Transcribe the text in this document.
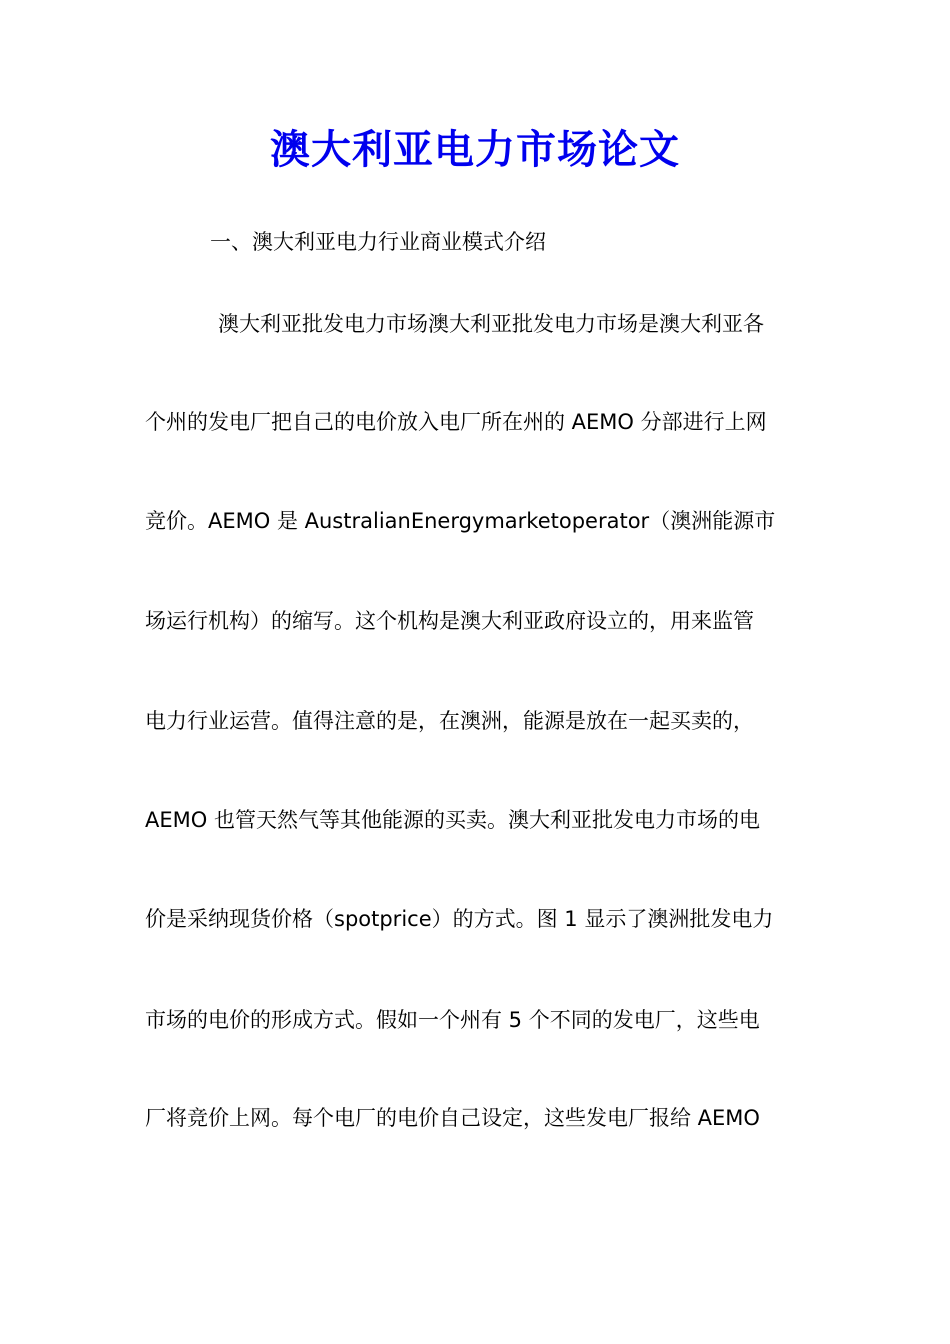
澳大利亚电力市场论文
一、澳大利亚电力行业商业模式介绍
澳大利亚批发电力市场澳大利亚批发电力市场是澳大利亚各
个州的发电厂把自己的电价放入电厂所在州的 AEMO 分部进行上网
竞价。AEMO 是 AustralianEnergymarketoperator（澳洲能源市
场运行机构）的缩写。这个机构是澳大利亚政府设立的，用来监管
电力行业运营。值得注意的是，在澳洲，能源是放在一起买卖的，
AEMO 也管天然气等其他能源的买卖。澳大利亚批发电力市场的电
价是采纳现货价格（spotprice）的方式。图 1 显示了澳洲批发电力
市场的电价的形成方式。假如一个州有 5 个不同的发电厂，这些电
厂将竞价上网。每个电厂的电价自己设定，这些发电厂报给 AEMO
